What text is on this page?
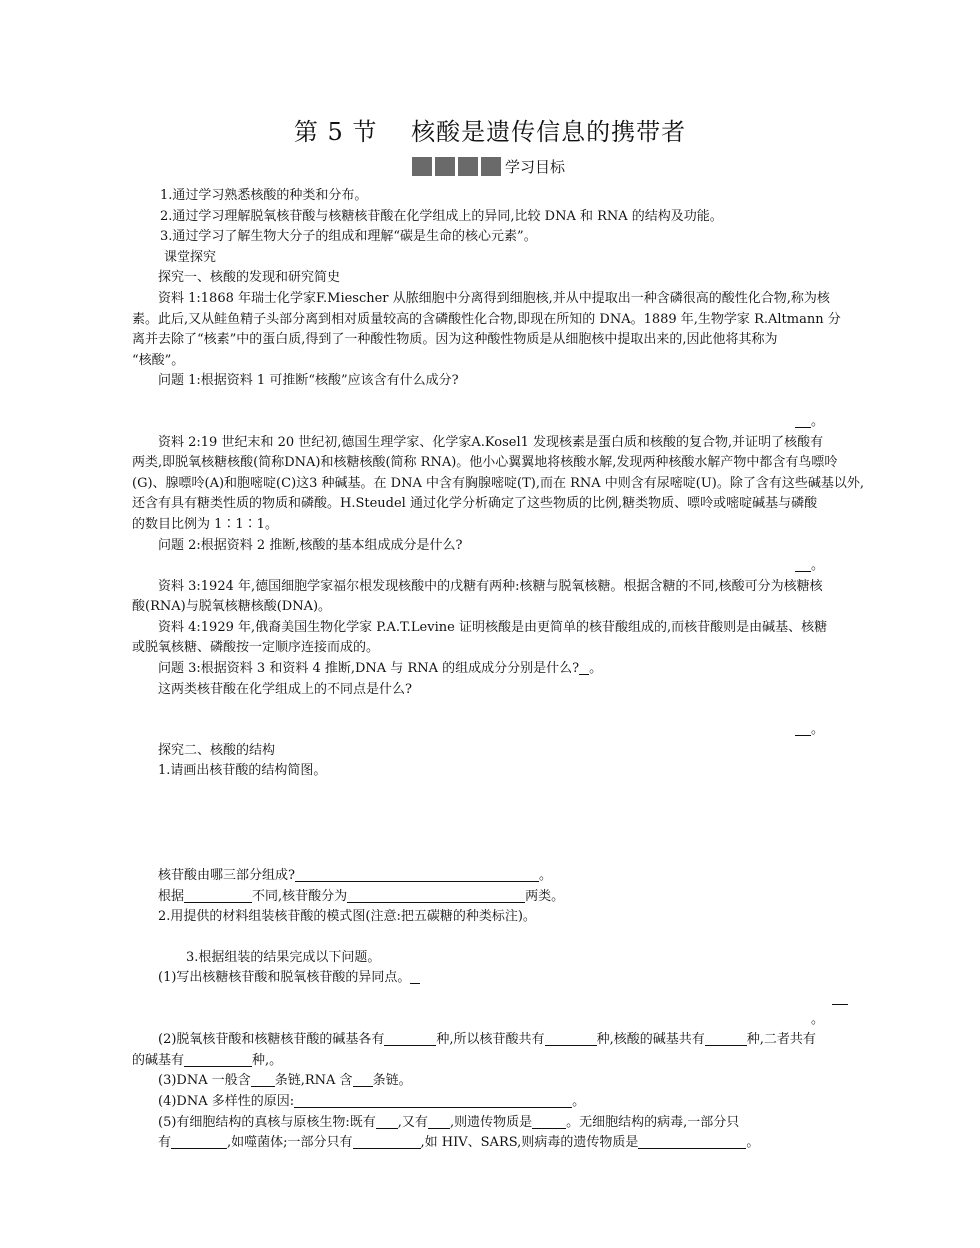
第 5 节　 核酸是遗传信息的携带者
学习目标
1.通过学习熟悉核酸的种类和分布。
2.通过学习理解脱氧核苷酸与核糖核苷酸在化学组成上的异同,比较 DNA 和 RNA 的结构及功能。
3.通过学习了解生物大分子的组成和理解“碳是生命的核心元素”。
课堂探究
探究一、核酸的发现和研究简史
资料 1:1868 年瑞士化学家F.Miescher 从脓细胞中分离得到细胞核,并从中提取出一种含磷很高的酸性化合物,称为核
素。此后,又从鲑鱼精子头部分离到相对质量较高的含磷酸性化合物,即现在所知的 DNA。1889 年,生物学家 R.Altmann 分
离并去除了“核素”中的蛋白质,得到了一种酸性物质。因为这种酸性物质是从细胞核中提取出来的,因此他将其称为
“核酸”。
问题 1:根据资料 1 可推断“核酸”应该含有什么成分?
。
资料 2:19 世纪末和 20 世纪初,德国生理学家、化学家A.Kosel1 发现核素是蛋白质和核酸的复合物,并证明了核酸有
两类,即脱氧核糖核酸(简称DNA)和核糖核酸(简称 RNA)。他小心翼翼地将核酸水解,发现两种核酸水解产物中都含有鸟嘌呤
(G)、腺嘌呤(A)和胞嘧啶(C)这3 种碱基。在 DNA 中含有胸腺嘧啶(T),而在 RNA 中则含有尿嘧啶(U)。除了含有这些碱基以外,
还含有具有糖类性质的物质和磷酸。H.Steudel 通过化学分析确定了这些物质的比例,糖类物质、嘌呤或嘧啶碱基与磷酸
的数目比例为 1∶1∶1。
问题 2:根据资料 2 推断,核酸的基本组成成分是什么?
。
资料 3:1924 年,德国细胞学家福尔根发现核酸中的戊糖有两种:核糖与脱氧核糖。根据含糖的不同,核酸可分为核糖核
酸(RNA)与脱氧核糖核酸(DNA)。
资料 4:1929 年,俄裔美国生物化学家 P.A.T.Levine 证明核酸是由更简单的核苷酸组成的,而核苷酸则是由碱基、核糖
或脱氧核糖、磷酸按一定顺序连接而成的。
问题 3:根据资料 3 和资料 4 推断,DNA 与 RNA 的组成成分分别是什么? 。
这两类核苷酸在化学组成上的不同点是什么?
。
探究二、核酸的结构
1.请画出核苷酸的结构简图。
核苷酸由哪三部分组成?	。
根据	不同,核苷酸分为	两类。
2.用提供的材料组装核苷酸的模式图(注意:把五碳糖的种类标注)。
3.根据组装的结果完成以下问题。
(1)写出核糖核苷酸和脱氧核苷酸的异同点。
。
(2)脱氧核苷酸和核糖核苷酸的碱基各有	种,所以核苷酸共有	种,核酸的碱基共有	种,二者共有
的碱基有	种,。
(3)DNA 一般含 条链,RNA 含 条链。
(4)DNA 多样性的原因:	。
(5)有细胞结构的真核与原核生物:既有 ,又有 ,则遗传物质是	。无细胞结构的病毒,一部分只
有	,如噬菌体;一部分只有	,如 HIV、SARS,则病毒的遗传物质是	。
